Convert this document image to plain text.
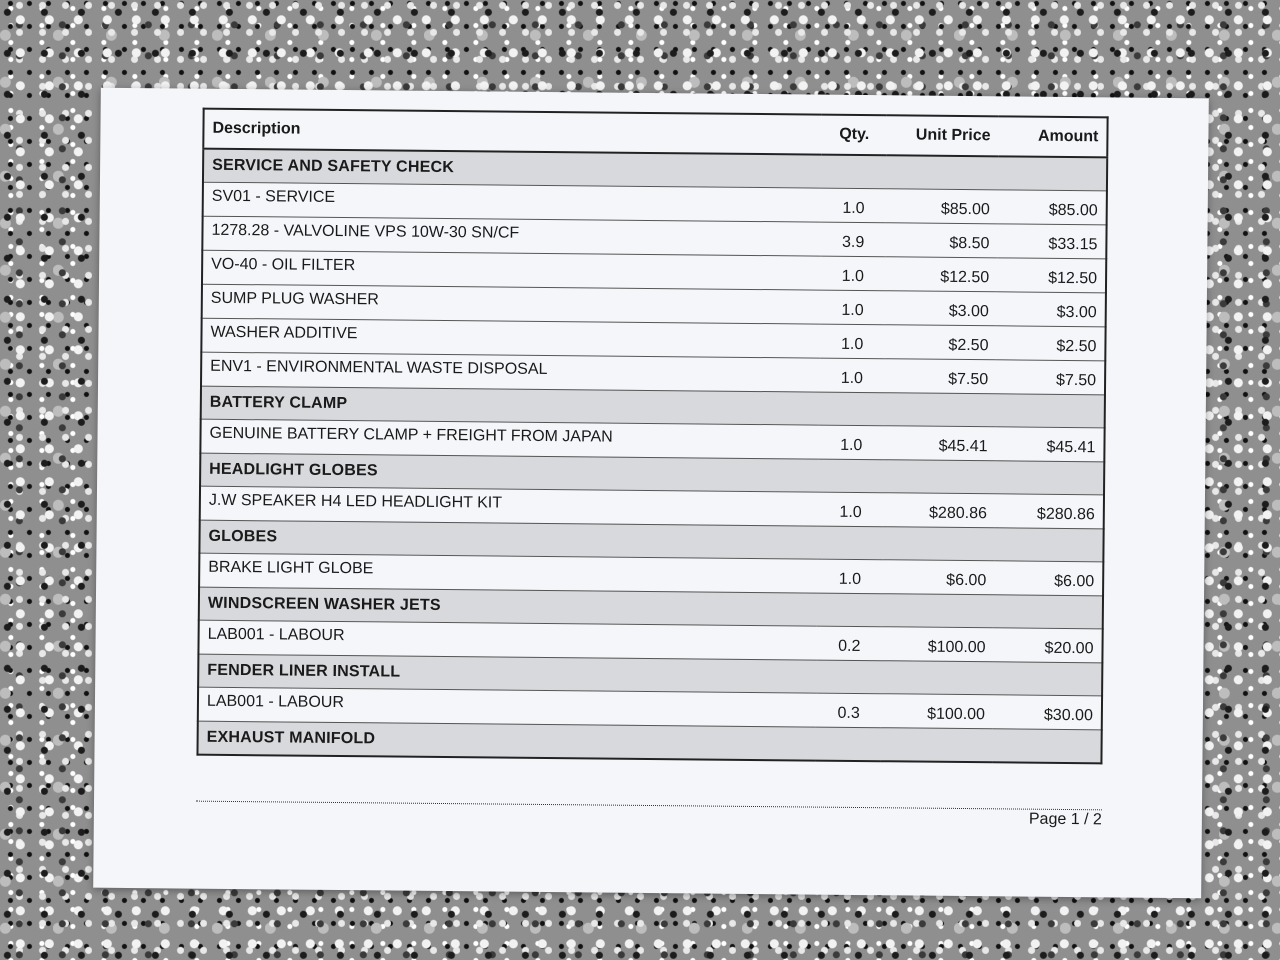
Description	Qty.	Unit Price	Amount
SERVICE AND SAFETY CHECK			
SV01 - SERVICE	1.0	$85.00	$85.00
1278.28 - VALVOLINE VPS 10W-30 SN/CF	3.9	$8.50	$33.15
VO-40 - OIL FILTER	1.0	$12.50	$12.50
SUMP PLUG WASHER	1.0	$3.00	$3.00
WASHER ADDITIVE	1.0	$2.50	$2.50
ENV1 - ENVIRONMENTAL WASTE DISPOSAL	1.0	$7.50	$7.50
BATTERY CLAMP			
GENUINE BATTERY CLAMP + FREIGHT FROM JAPAN	1.0	$45.41	$45.41
HEADLIGHT GLOBES			
J.W SPEAKER H4 LED HEADLIGHT KIT	1.0	$280.86	$280.86
GLOBES			
BRAKE LIGHT GLOBE	1.0	$6.00	$6.00
WINDSCREEN WASHER JETS			
LAB001 - LABOUR	0.2	$100.00	$20.00
FENDER LINER INSTALL			
LAB001 - LABOUR	0.3	$100.00	$30.00
EXHAUST MANIFOLD			
Page 1 / 2
